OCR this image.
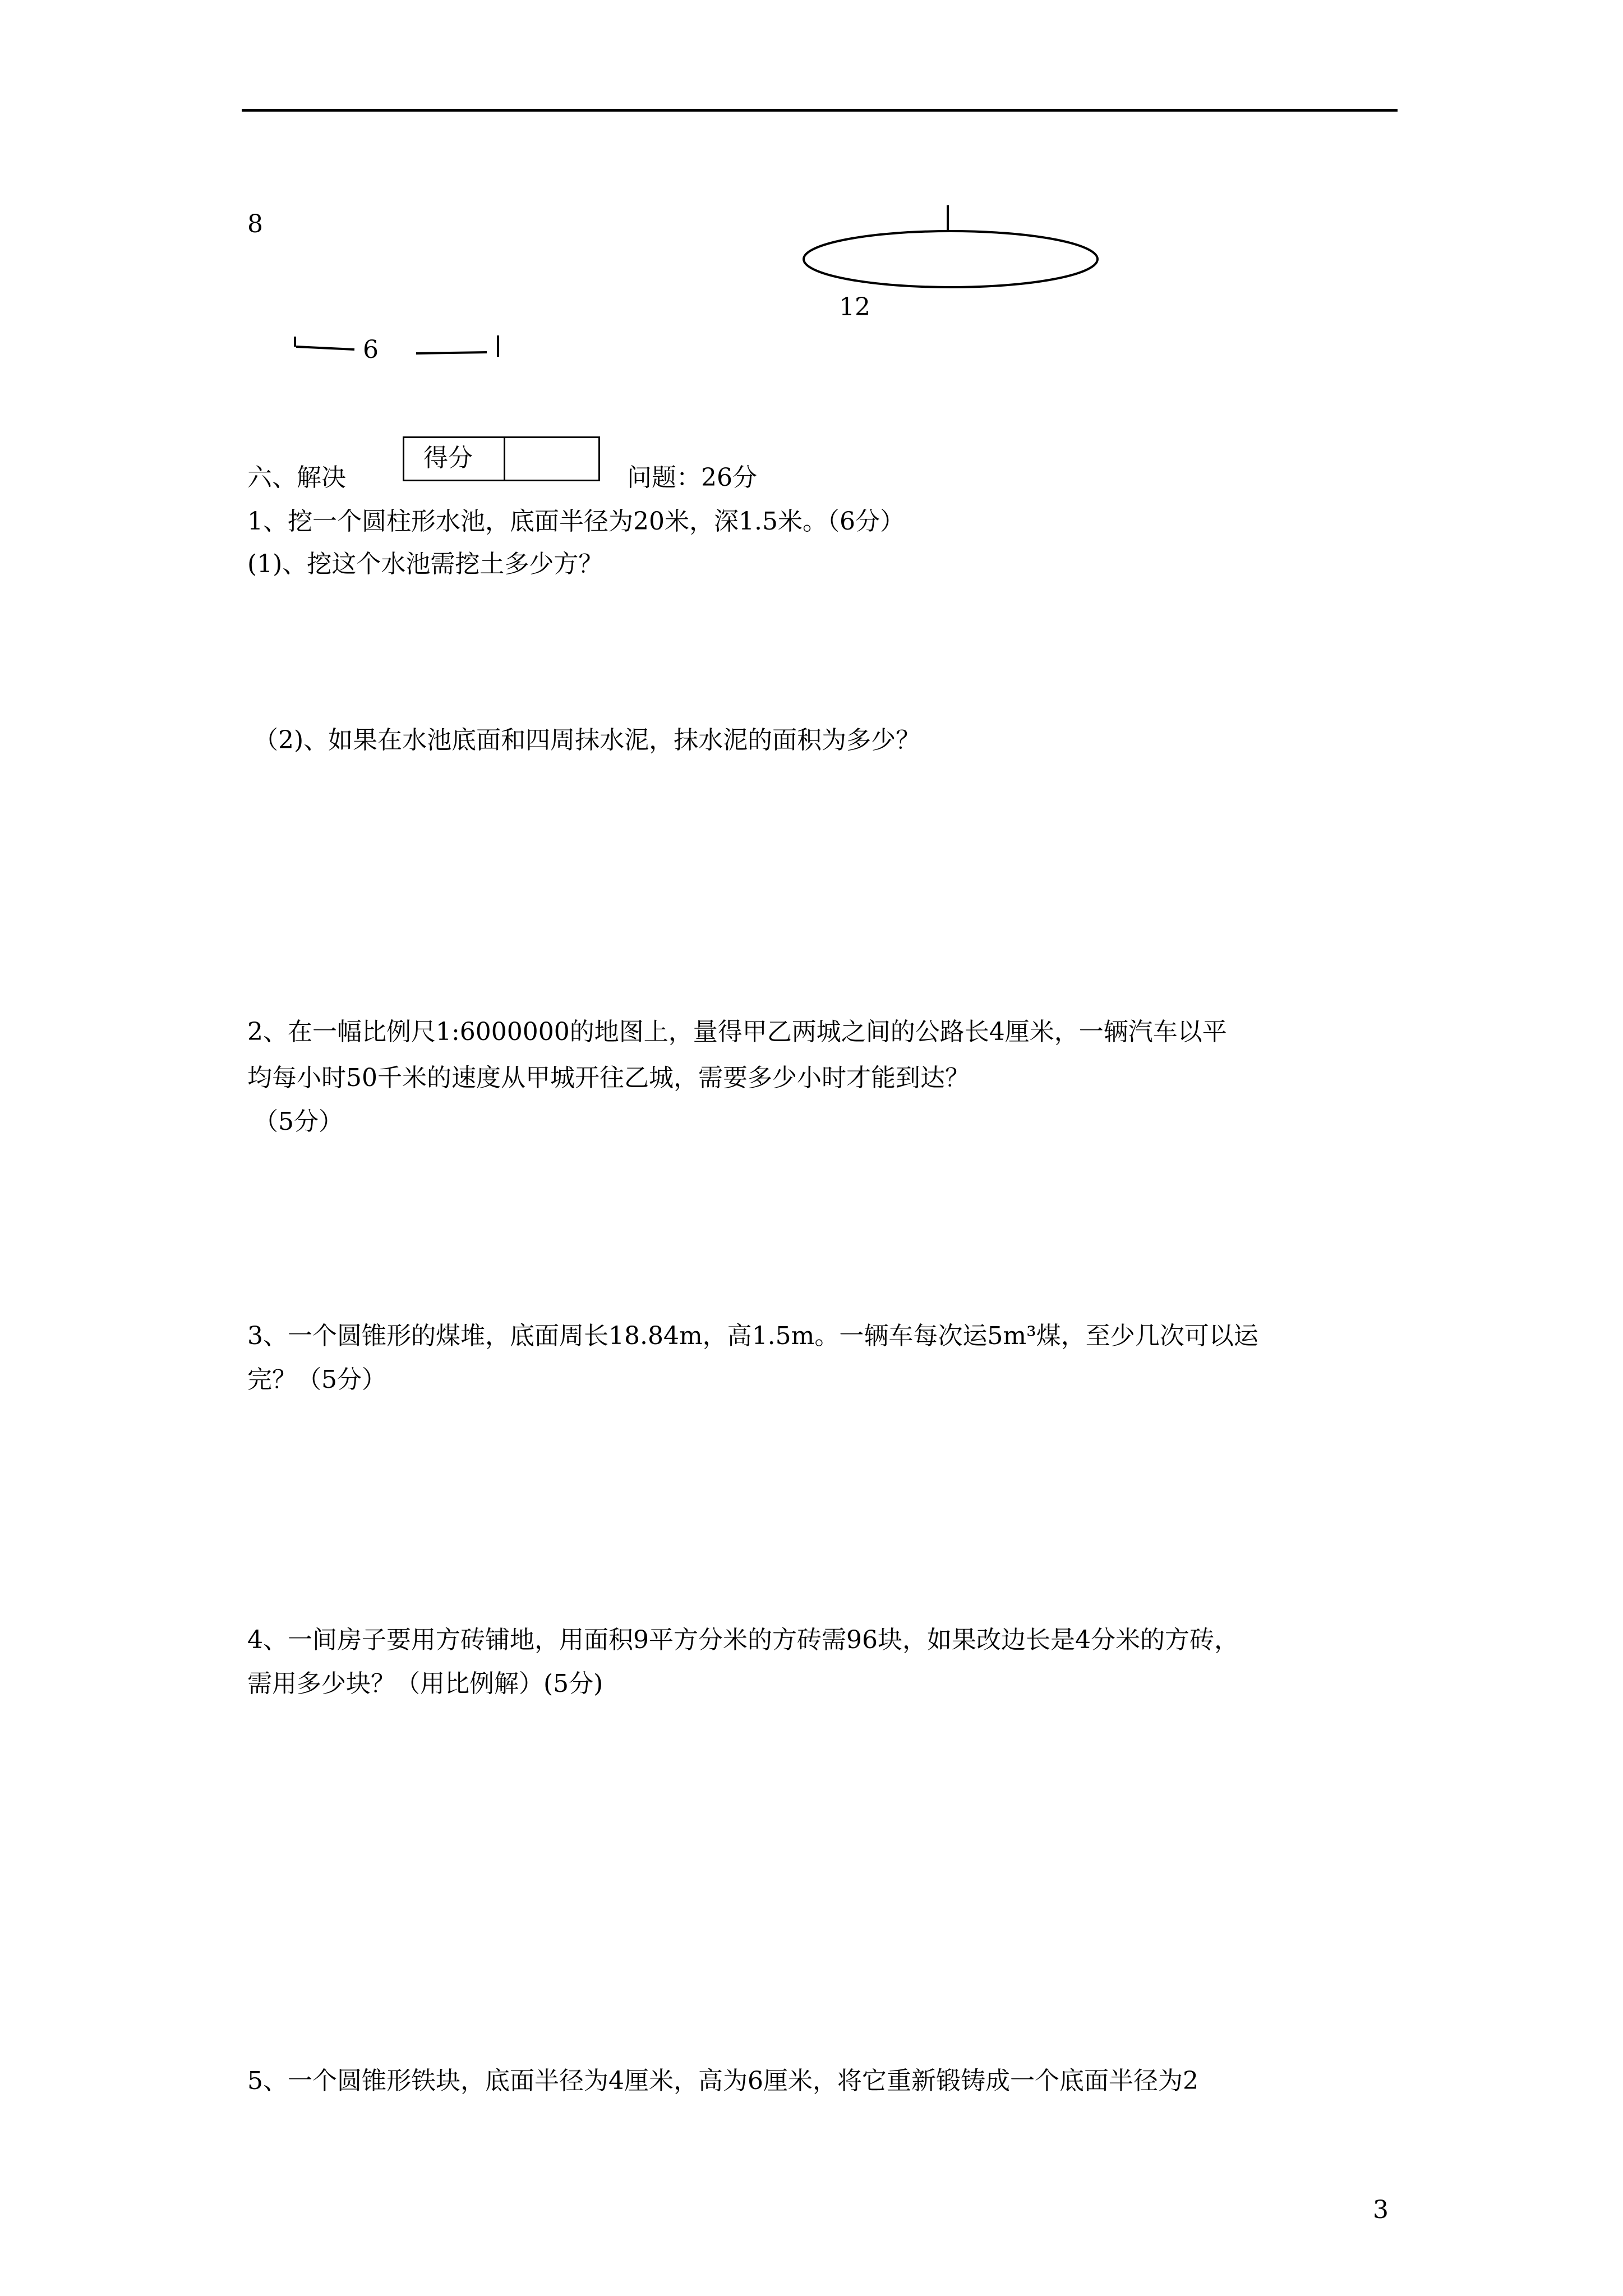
8
12
6
六、解决
得分
问题：26分
1、挖一个圆柱形水池，底面半径为20米，深1.5米。（6分）
(1)、挖这个水池需挖土多少方？
（2)、如果在水池底面和四周抹水泥，抹水泥的面积为多少？
2、在一幅比例尺1:6000000的地图上，量得甲乙两城之间的公路长4厘米，一辆汽车以平
均每小时50千米的速度从甲城开往乙城，需要多少小时才能到达？
（5分）
3、一个圆锥形的煤堆，底面周长18.84m，高1.5m。一辆车每次运5m³煤，至少几次可以运
完？（5分）
4、一间房子要用方砖铺地，用面积9平方分米的方砖需96块，如果改边长是4分米的方砖，
需用多少块？（用比例解）(5分)
5、一个圆锥形铁块，底面半径为4厘米，高为6厘米，将它重新锻铸成一个底面半径为2
3
